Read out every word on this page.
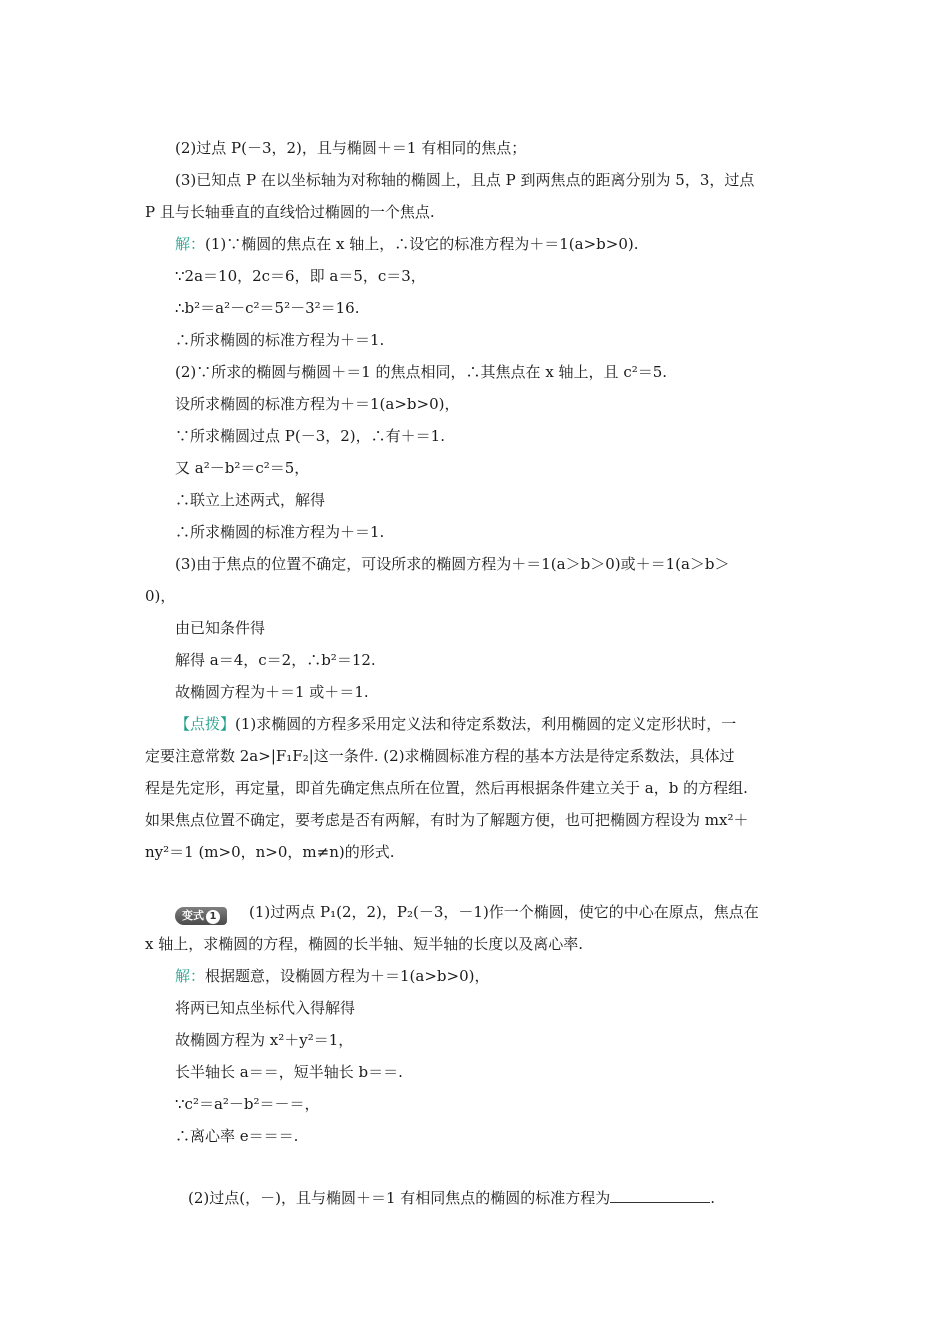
(2)过点 P(－3，2)，且与椭圆＋＝1 有相同的焦点；
(3)已知点 P 在以坐标轴为对称轴的椭圆上，且点 P 到两焦点的距离分别为 5，3，过点
P 且与长轴垂直的直线恰过椭圆的一个焦点.
解：(1)∵椭圆的焦点在 x 轴上，∴设它的标准方程为＋＝1(a>b>0).
∵2a＝10，2c＝6，即 a＝5，c＝3，
∴b²＝a²－c²＝5²－3²＝16.
∴所求椭圆的标准方程为＋＝1.
(2)∵所求的椭圆与椭圆＋＝1 的焦点相同，∴其焦点在 x 轴上，且 c²＝5.
设所求椭圆的标准方程为＋＝1(a>b>0)，
∵所求椭圆过点 P(－3，2)，∴有＋＝1.
又 a²－b²＝c²＝5，
∴联立上述两式，解得
∴所求椭圆的标准方程为＋＝1.
(3)由于焦点的位置不确定，可设所求的椭圆方程为＋＝1(a＞b＞0)或＋＝1(a＞b＞
0)，
由已知条件得
解得 a＝4，c＝2，∴b²＝12.
故椭圆方程为＋＝1 或＋＝1.
【点拨】(1)求椭圆的方程多采用定义法和待定系数法，利用椭圆的定义定形状时，一
定要注意常数 2a>|F₁F₂|这一条件. (2)求椭圆标准方程的基本方法是待定系数法，具体过
程是先定形，再定量，即首先确定焦点所在位置，然后再根据条件建立关于 a，b 的方程组.
如果焦点位置不确定，要考虑是否有两解，有时为了解题方便，也可把椭圆方程设为 mx²＋
ny²＝1 (m>0，n>0，m≠n)的形式.
变式 1 (1)过两点 P₁(2，2)，P₂(－3，－1)作一个椭圆，使它的中心在原点，焦点在
x 轴上，求椭圆的方程，椭圆的长半轴、短半轴的长度以及离心率.
解：根据题意，设椭圆方程为＋＝1(a>b>0)，
将两已知点坐标代入得解得
故椭圆方程为 x²＋y²＝1，
长半轴长 a＝＝，短半轴长 b＝＝.
∵c²＝a²－b²＝－＝，
∴离心率 e＝＝＝.
(2)过点(，－)，且与椭圆＋＝1 有相同焦点的椭圆的标准方程为	.
